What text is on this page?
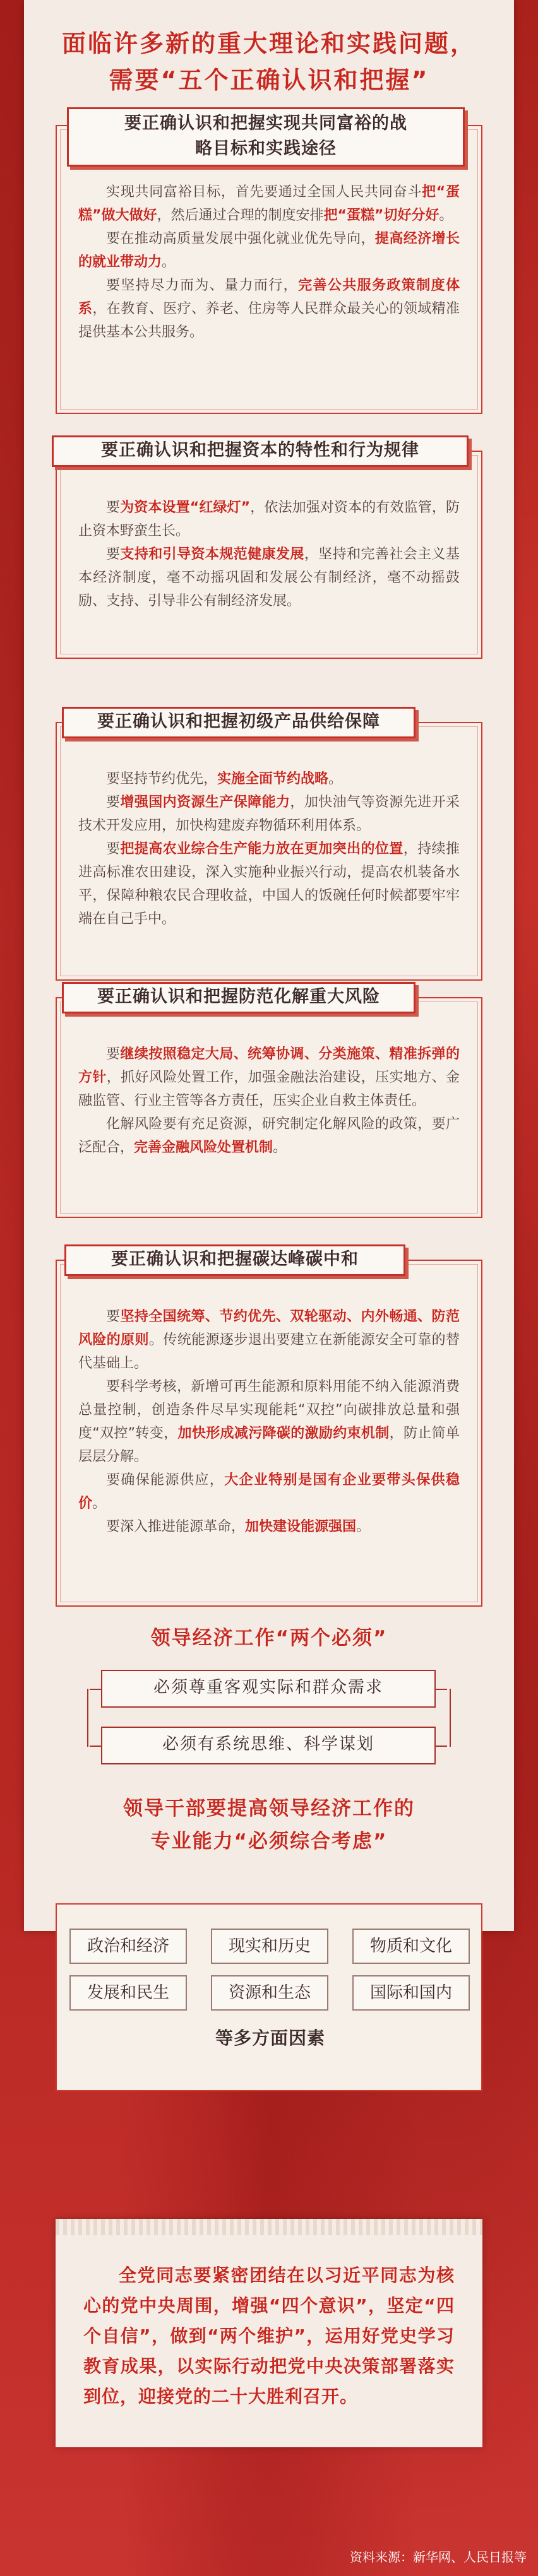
面临许多新的重大理论和实践问题，
需要“五个正确认识和把握”
要正确认识和把握实现共同富裕的战
略目标和实践途径

实现共同富裕目标，首先要通过全国人民共同奋斗把“蛋糕”做大做好，然后通过合理的制度安排把“蛋糕”切好分好。

要在推动高质量发展中强化就业优先导向，提高经济增长的就业带动力。

要坚持尽力而为、量力而行，完善公共服务政策制度体系，在教育、医疗、养老、住房等人民群众最关心的领域精准提供基本公共服务。

要正确认识和把握资本的特性和行为规律

要为资本设置“红绿灯”，依法加强对资本的有效监管，防止资本野蛮生长。

要支持和引导资本规范健康发展，坚持和完善社会主义基本经济制度，毫不动摇巩固和发展公有制经济，毫不动摇鼓励、支持、引导非公有制经济发展。

要正确认识和把握初级产品供给保障

要坚持节约优先，实施全面节约战略。

要增强国内资源生产保障能力，加快油气等资源先进开采技术开发应用，加快构建废弃物循环利用体系。

要把提高农业综合生产能力放在更加突出的位置，持续推进高标准农田建设，深入实施种业振兴行动，提高农机装备水平，保障种粮农民合理收益，中国人的饭碗任何时候都要牢牢端在自己手中。

要正确认识和把握防范化解重大风险

要继续按照稳定大局、统筹协调、分类施策、精准拆弹的方针，抓好风险处置工作，加强金融法治建设，压实地方、金融监管、行业主管等各方责任，压实企业自救主体责任。

化解风险要有充足资源，研究制定化解风险的政策，要广泛配合，完善金融风险处置机制。

要正确认识和把握碳达峰碳中和

要坚持全国统筹、节约优先、双轮驱动、内外畅通、防范风险的原则。传统能源逐步退出要建立在新能源安全可靠的替代基础上。

要科学考核，新增可再生能源和原料用能不纳入能源消费总量控制，创造条件尽早实现能耗“双控”向碳排放总量和强度“双控”转变，加快形成减污降碳的激励约束机制，防止简单层层分解。

要确保能源供应，大企业特别是国有企业要带头保供稳价。

要深入推进能源革命，加快建设能源强国。

领导经济工作“两个必须”
必须尊重客观实际和群众需求
必须有系统思维、科学谋划
领导干部要提高领导经济工作的
专业能力“必须综合考虑”
政治和经济	现实和历史	物质和文化
发展和民生	资源和生态	国际和国内
等多方面因素
全党同志要紧密团结在以习近平同志为核心的党中央周围，增强“四个意识”，坚定“四个自信”，做到“两个维护”，运用好党史学习教育成果，以实际行动把党中央决策部署落实到位，迎接党的二十大胜利召开。
资料来源：新华网、人民日报等
